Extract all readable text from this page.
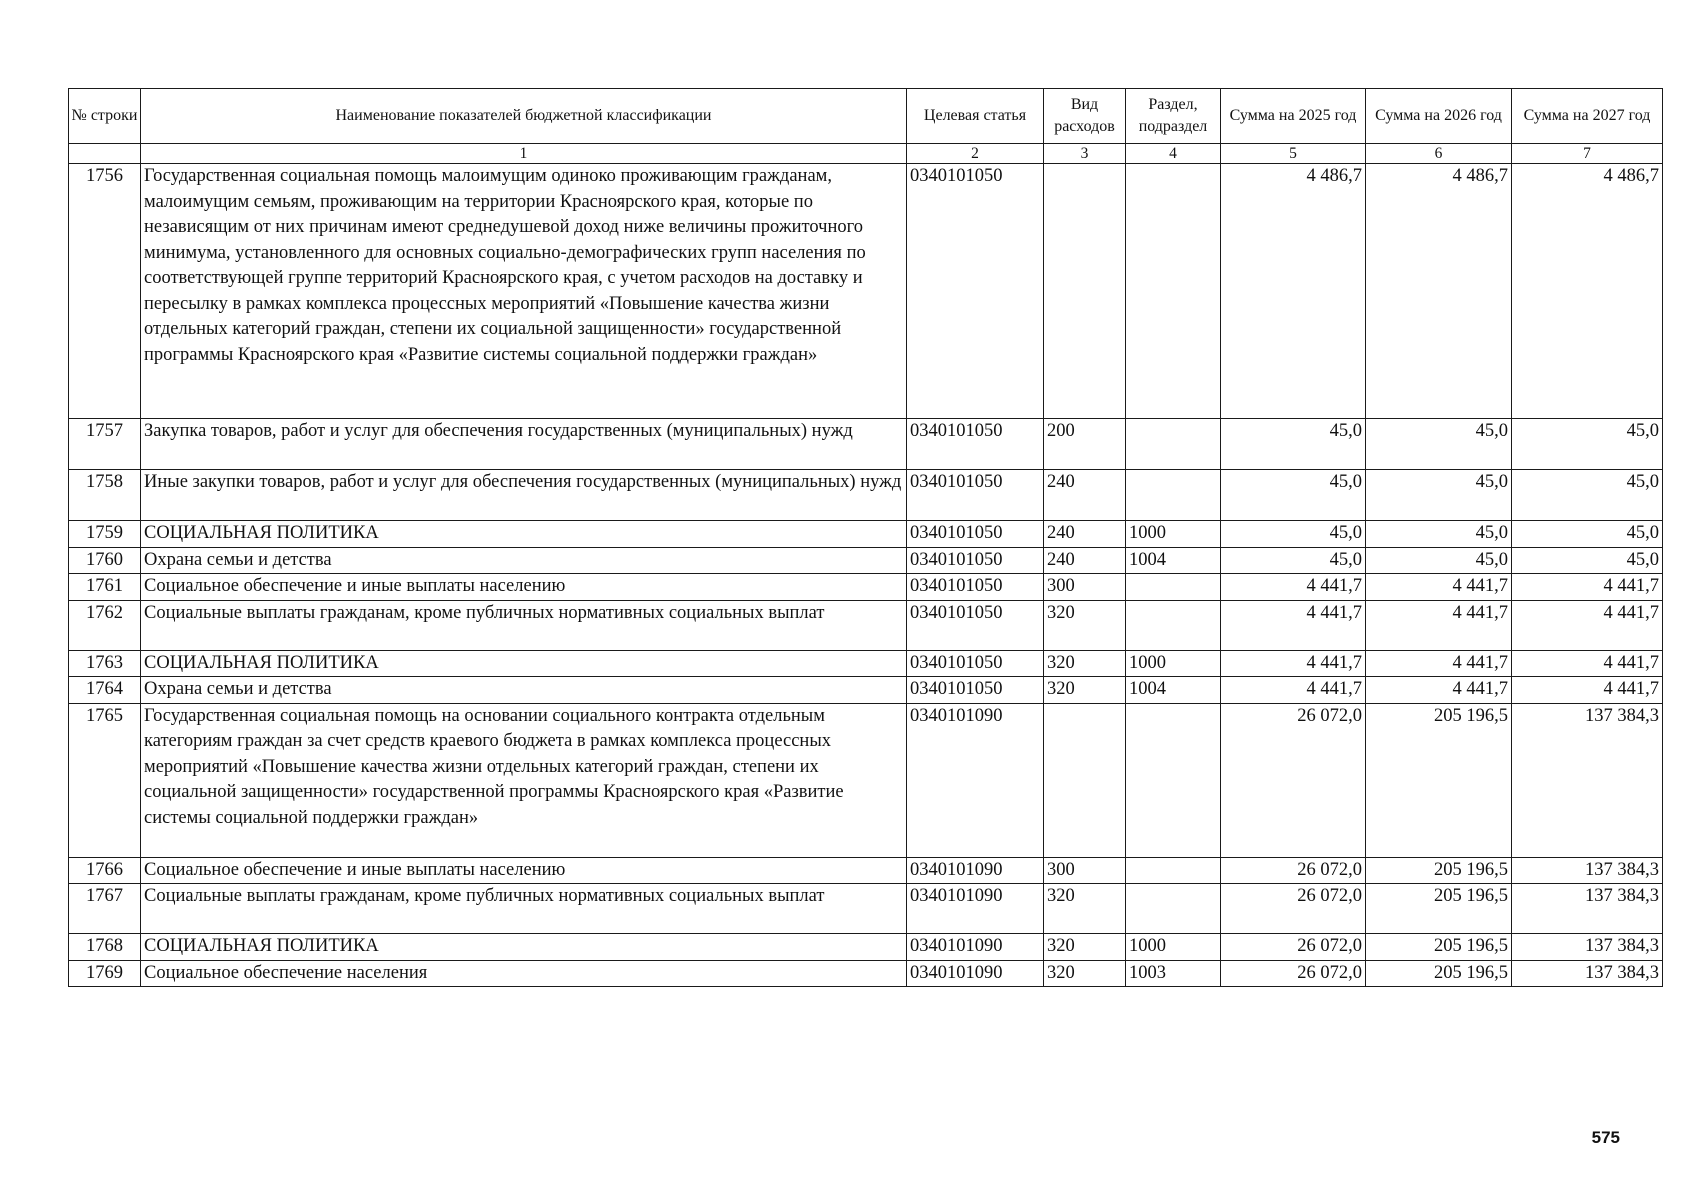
№ строки	Наименование показателей бюджетной классификации	Целевая статья	Вид расходов	Раздел, подраздел	Сумма на 2025 год	Сумма на 2026 год	Сумма на 2027 год
	1	2	3	4	5	6	7
1756	Государственная социальная помощь малоимущим одиноко проживающим гражданам, малоимущим семьям, проживающим на территории Красноярского края, которые по независящим от них причинам имеют среднедушевой доход ниже величины прожиточного минимума, установленного для основных социально-демографических групп населения по соответствующей группе территорий Красноярского края, с учетом расходов на доставку и пересылку в рамках комплекса процессных мероприятий «Повышение качества жизни отдельных категорий граждан, степени их социальной защищенности» государственной программы Красноярского края «Развитие системы социальной поддержки граждан»	0340101050			4 486,7	4 486,7	4 486,7
1757	Закупка товаров, работ и услуг для обеспечения государственных (муниципальных) нужд	0340101050	200		45,0	45,0	45,0
1758	Иные закупки товаров, работ и услуг для обеспечения государственных (муниципальных) нужд	0340101050	240		45,0	45,0	45,0
1759	СОЦИАЛЬНАЯ ПОЛИТИКА	0340101050	240	1000	45,0	45,0	45,0
1760	Охрана семьи и детства	0340101050	240	1004	45,0	45,0	45,0
1761	Социальное обеспечение и иные выплаты населению	0340101050	300		4 441,7	4 441,7	4 441,7
1762	Социальные выплаты гражданам, кроме публичных нормативных социальных выплат	0340101050	320		4 441,7	4 441,7	4 441,7
1763	СОЦИАЛЬНАЯ ПОЛИТИКА	0340101050	320	1000	4 441,7	4 441,7	4 441,7
1764	Охрана семьи и детства	0340101050	320	1004	4 441,7	4 441,7	4 441,7
1765	Государственная социальная помощь на основании социального контракта отдельным категориям граждан за счет средств краевого бюджета в рамках комплекса процессных мероприятий «Повышение качества жизни отдельных категорий граждан, степени их социальной защищенности» государственной программы Красноярского края «Развитие системы социальной поддержки граждан»	0340101090			26 072,0	205 196,5	137 384,3
1766	Социальное обеспечение и иные выплаты населению	0340101090	300		26 072,0	205 196,5	137 384,3
1767	Социальные выплаты гражданам, кроме публичных нормативных социальных выплат	0340101090	320		26 072,0	205 196,5	137 384,3
1768	СОЦИАЛЬНАЯ ПОЛИТИКА	0340101090	320	1000	26 072,0	205 196,5	137 384,3
1769	Социальное обеспечение населения	0340101090	320	1003	26 072,0	205 196,5	137 384,3
575
